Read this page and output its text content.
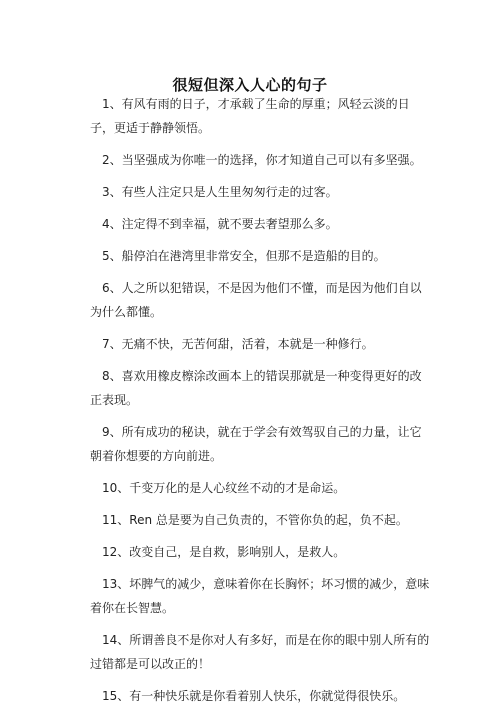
很短但深入人心的句子
1、有风有雨的日子，才承载了生命的厚重；风轻云淡的日子，更适于静静领悟。
2、当坚强成为你唯一的选择，你才知道自己可以有多坚强。
3、有些人注定只是人生里匆匆行走的过客。
4、注定得不到幸福，就不要去奢望那么多。
5、船停泊在港湾里非常安全，但那不是造船的目的。
6、人之所以犯错误，不是因为他们不懂，而是因为他们自以为什么都懂。
7、无痛不快，无苦何甜，活着，本就是一种修行。
8、喜欢用橡皮檫涂改画本上的错误那就是一种变得更好的改正表现。
9、所有成功的秘诀，就在于学会有效驾驭自己的力量，让它朝着你想要的方向前进。
10、千变万化的是人心纹丝不动的才是命运。
11、Ren 总是要为自己负责的，不管你负的起，负不起。
12、改变自己，是自救，影响别人，是救人。
13、坏脾气的减少，意味着你在长胸怀；坏习惯的减少，意味着你在长智慧。
14、所谓善良不是你对人有多好，而是在你的眼中别人所有的过错都是可以改正的！
15、有一种快乐就是你看着别人快乐，你就觉得很快乐。
